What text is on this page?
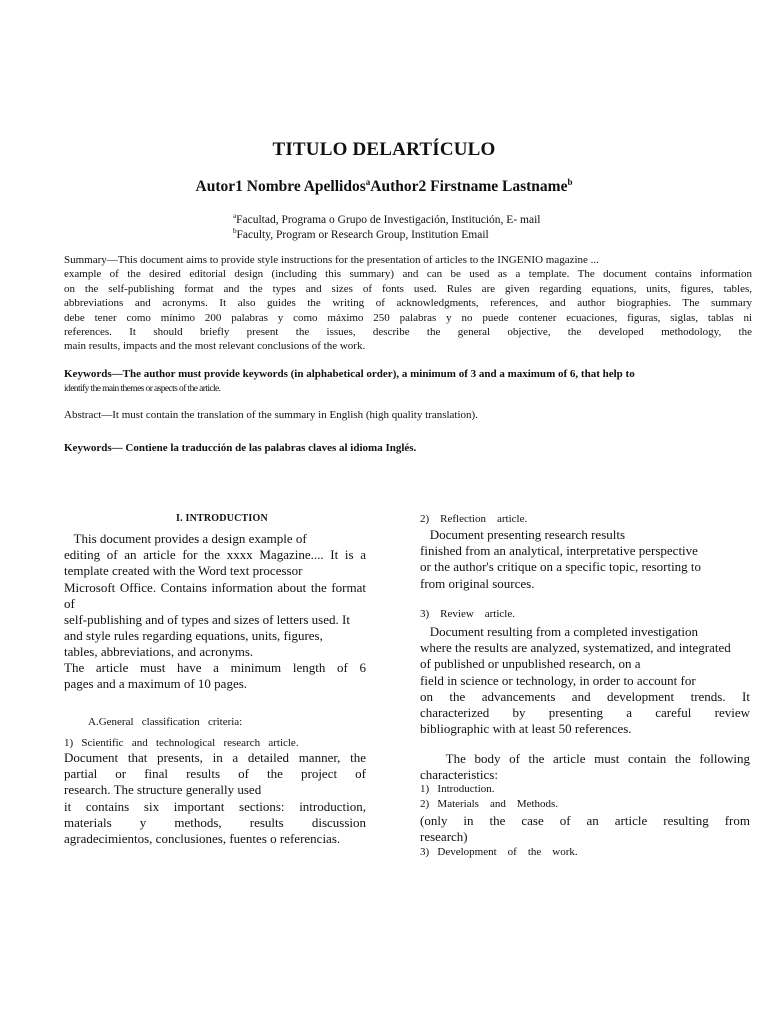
TITULO DELARTÍCULO
Autor1 Nombre Apellidos$^a$Author2 Firstname Lastname$^b$
$^a$Facultad, Programa o Grupo de Investigación, Institución, E- mail
$^b$Faculty, Program or Research Group, Institution Email
Summary—This document aims to provide style instructions for the presentation of articles to the INGENIO magazine ...
example of the desired editorial design (including this summary) and can be used as a template. The document contains information
on the self-publishing format and the types and sizes of fonts used. Rules are given regarding equations, units, figures, tables,
abbreviations and acronyms. It also guides the writing of acknowledgments, references, and author biographies. The summary
debe tener como mínimo 200 palabras y como máximo 250 palabras y no puede contener ecuaciones, figuras, siglas, tablas ni
references. It should briefly present the issues, describe the general objective, the developed methodology, the
main results, impacts and the most relevant conclusions of the work.
Keywords—The author must provide keywords (in alphabetical order), a minimum of 3 and a maximum of 6, that help to
identify the main themes or aspects of the article.
Abstract—It must contain the translation of the summary in English (high quality translation).
Keywords— Contiene la traducción de las palabras claves al idioma Inglés.
I. INTRODUCTION
This document provides a design example of
editing of an article for the xxxx Magazine.... It is a
template created with the Word text processor
Microsoft Office. Contains information about the format of
self-publishing and of types and sizes of letters used. It
and style rules regarding equations, units, figures,
tables, abbreviations, and acronyms.
The article must have a minimum length of 6
pages and a maximum of 10 pages.
A.General   classification   criteria:
1)   Scientific   and   technological   research   article.
Document that presents, in a detailed manner, the
partial or final results of the project of
research. The structure generally used
it contains six important sections: introduction,
materials y methods, results discussion
agradecimientos, conclusiones, fuentes o referencias.
2)    Reflection    article.
Document presenting research results
finished from an analytical, interpretative perspective
or the author's critique on a specific topic, resorting to
from original sources.
3)    Review    article.
Document resulting from a completed investigation
where the results are analyzed, systematized, and integrated
of published or unpublished research, on a
field in science or technology, in order to account for
on the advancements and development trends. It
characterized by presenting a careful review
bibliographic with at least 50 references.
The body of the article must contain the following
characteristics:
1)   Introduction.
2)   Materials    and    Methods.
(only in the case of an article resulting from
research)
3)   Development    of    the    work.
